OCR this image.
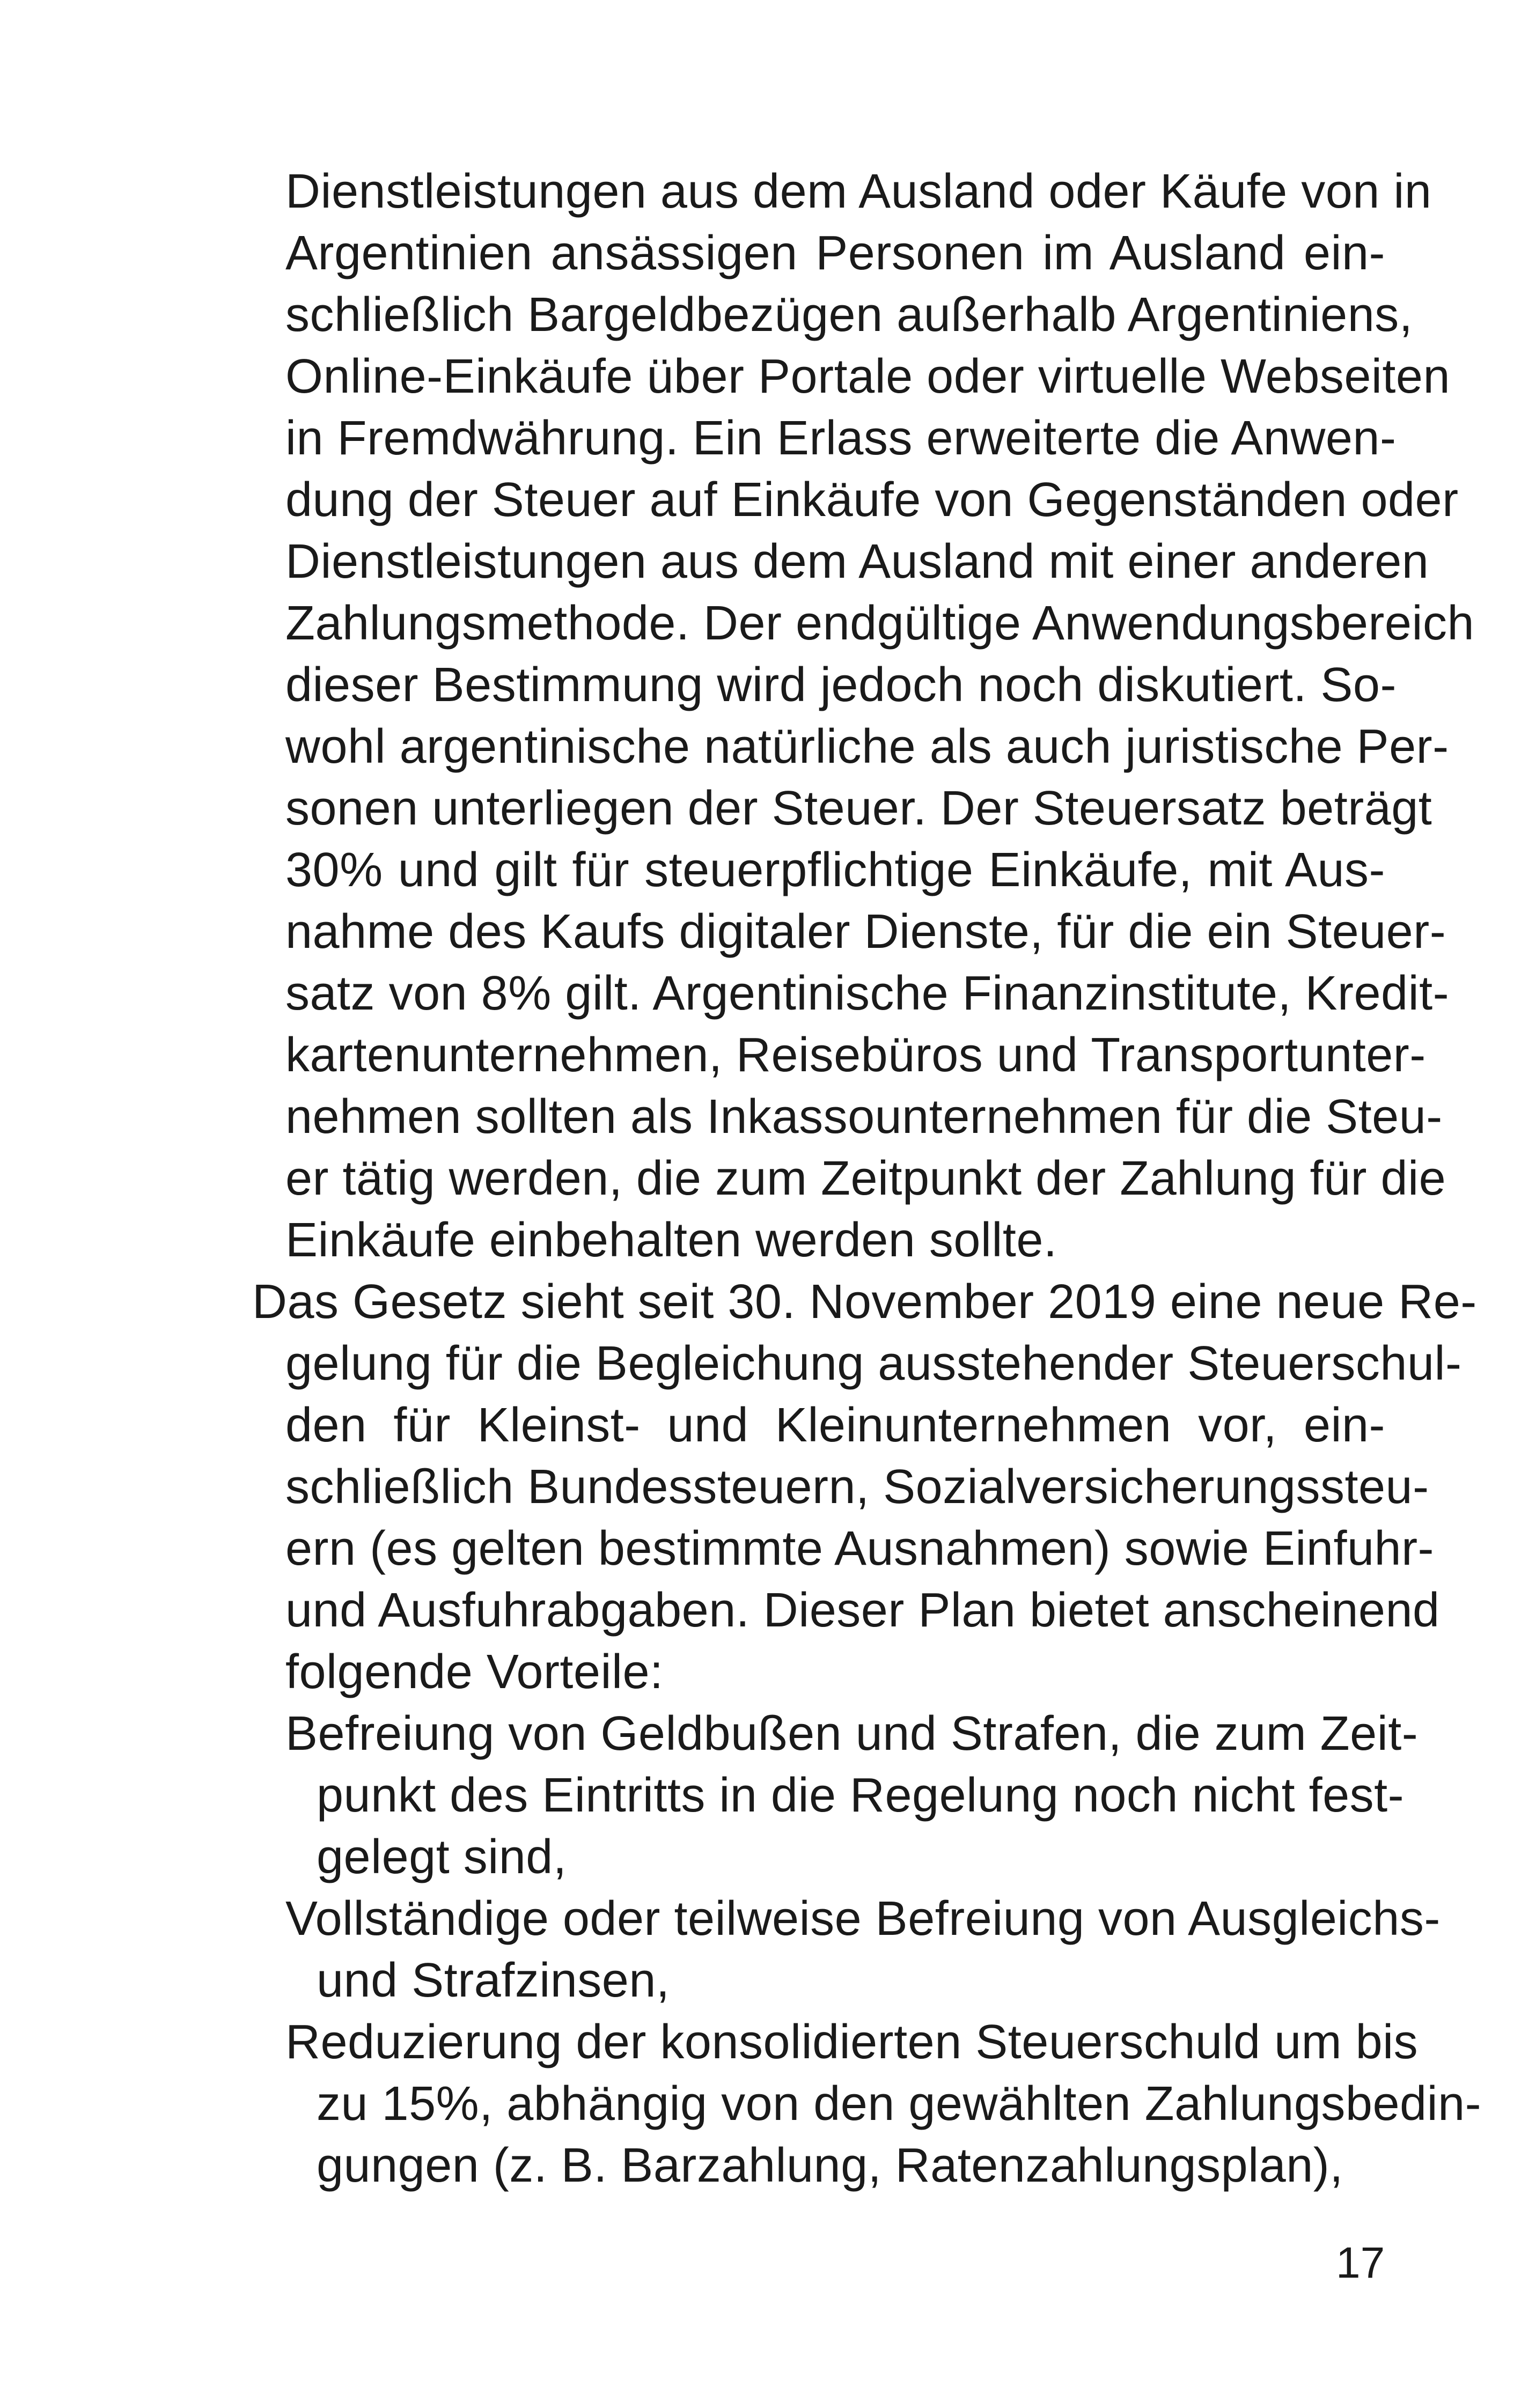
Dienstleistungen aus dem Ausland oder Käufe von in
Argentinien ansässigen Personen im Ausland ein-
schließlich Bargeldbezügen außerhalb Argentiniens,
Online-Einkäufe über Portale oder virtuelle Webseiten
in Fremdwährung. Ein Erlass erweiterte die Anwen-
dung der Steuer auf Einkäufe von Gegenständen oder
Dienstleistungen aus dem Ausland mit einer anderen
Zahlungsmethode. Der endgültige Anwendungsbereich
dieser Bestimmung wird jedoch noch diskutiert. So-
wohl argentinische natürliche als auch juristische Per-
sonen unterliegen der Steuer. Der Steuersatz beträgt
30% und gilt für steuerpflichtige Einkäufe, mit Aus-
nahme des Kaufs digitaler Dienste, für die ein Steuer-
satz von 8% gilt. Argentinische Finanzinstitute, Kredit-
kartenunternehmen, Reisebüros und Transportunter-
nehmen sollten als Inkassounternehmen für die Steu-
er tätig werden, die zum Zeitpunkt der Zahlung für die
Einkäufe einbehalten werden sollte.
Das Gesetz sieht seit 30. November 2019 eine neue Re-
gelung für die Begleichung ausstehender Steuerschul-
den für Kleinst- und Kleinunternehmen vor, ein-
schließlich Bundessteuern, Sozialversicherungssteu-
ern (es gelten bestimmte Ausnahmen) sowie Einfuhr-
und Ausfuhrabgaben. Dieser Plan bietet anscheinend
folgende Vorteile:
Befreiung von Geldbußen und Strafen, die zum Zeit-
punkt des Eintritts in die Regelung noch nicht fest-
gelegt sind,
Vollständige oder teilweise Befreiung von Ausgleichs-
und Strafzinsen,
Reduzierung der konsolidierten Steuerschuld um bis
zu 15%, abhängig von den gewählten Zahlungsbedin-
gungen (z. B. Barzahlung, Ratenzahlungsplan),
17
